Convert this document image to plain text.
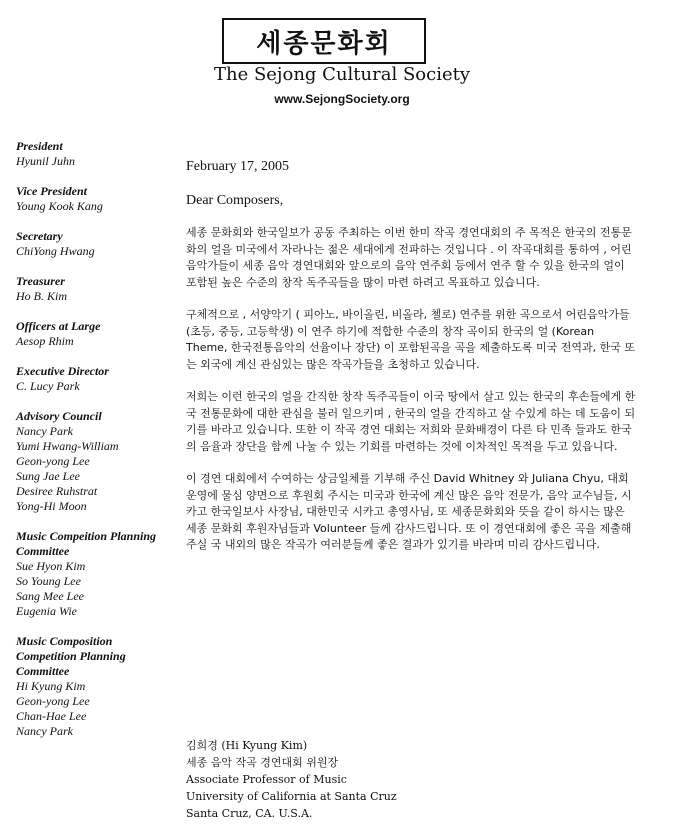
세종문화회
The Sejong Cultural Society
www.SejongSociety.org
President
Hyunil Juhn
Vice President
Young Kook Kang
Secretary
ChiYong Hwang
Treasurer
Ho B. Kim
Officers at Large
Aesop Rhim
Executive Director
C. Lucy Park
Advisory Council
Nancy Park
Yumi Hwang-William
Geon-yong Lee
Sung Jae Lee
Desiree Ruhstrat
Yong-Hi Moon
Music Compeition Planning Committee
Sue Hyon Kim
So Young Lee
Sang Mee Lee
Eugenia Wie
Music Composition Competition Planning Committee
Hi Kyung Kim
Geon-yong Lee
Chan-Hae Lee
Nancy Park
February 17, 2005
Dear Composers,

세종 문화회와 한국일보가 공동 주최하는 이번 한미 작곡 경연대회의 주 목적은 한국의 전통문화의 얼을 미국에서 자라나는 젊은 세대에게 전파하는 것입니다 . 이 작곡대회를 통하여 , 어린 음악가들이 세종 음악 경연대회와 앞으로의 음악 연주회 등에서 연주 할 수 있을 한국의 얼이 포함된 높은 수준의 창작 독주곡들을 많이 마련 하려고 목표하고 있습니다.

구체적으로 , 서양악기 ( 피아노, 바이올린, 비올라, 첼로) 연주를 위한 곡으로서 어린음악가들 (초등, 중등, 고등학생) 이 연주 하기에 적합한 수준의 창작 곡이되 한국의 얼 (Korean Theme, 한국전통음악의 선율이나 장단) 이 포함된곡을 곡을 제출하도록 미국 전역과, 한국 또는 외국에 계신 관심있는 많은 작곡가들을 초청하고 있습니다.

저희는 이런 한국의 얼을 간직한 창작 독주곡들이 이국 땅에서 살고 있는 한국의 후손들에게 한국 전통문화에 대한 관심을 불러 일으키며 , 한국의 얼을 간직하고 살 수있게 하는 데 도움이 되기를 바라고 있습니다. 또한 이 작곡 경연 대회는 저희와 문화배경이 다른 타 민족 들과도 한국의 음율과 장단을 함께 나눌 수 있는 기회를 마련하는 것에 이차적인 목적을 두고 있읍니다.

이 경연 대회에서 수여하는 상금일체를 기부해 주신 David Whitney 와 Juliana Chyu, 대회 운영에 물심 양면으로 후원회 주시는 미국과 한국에 계신 많은 음악 전문가, 음악 교수님들, 시카고 한국일보사 사장님, 대한민국 시카고 총영사님, 또 세종문화회와 뜻을 같이 하시는 많은 세종 문화회 후원자님들과 Volunteer 들께 감사드립니다. 또 이 경연대회에 좋은 곡을 제출해 주실 국 내외의 많은 작곡가 여러분들께 좋은 결과가 있기를 바라며 미리 감사드립니다.

김희경 (Hi Kyung Kim)
세종 음악 작곡 경연대회 위원장
Associate Professor of Music
University of California at Santa Cruz
Santa Cruz, CA. U.S.A.
